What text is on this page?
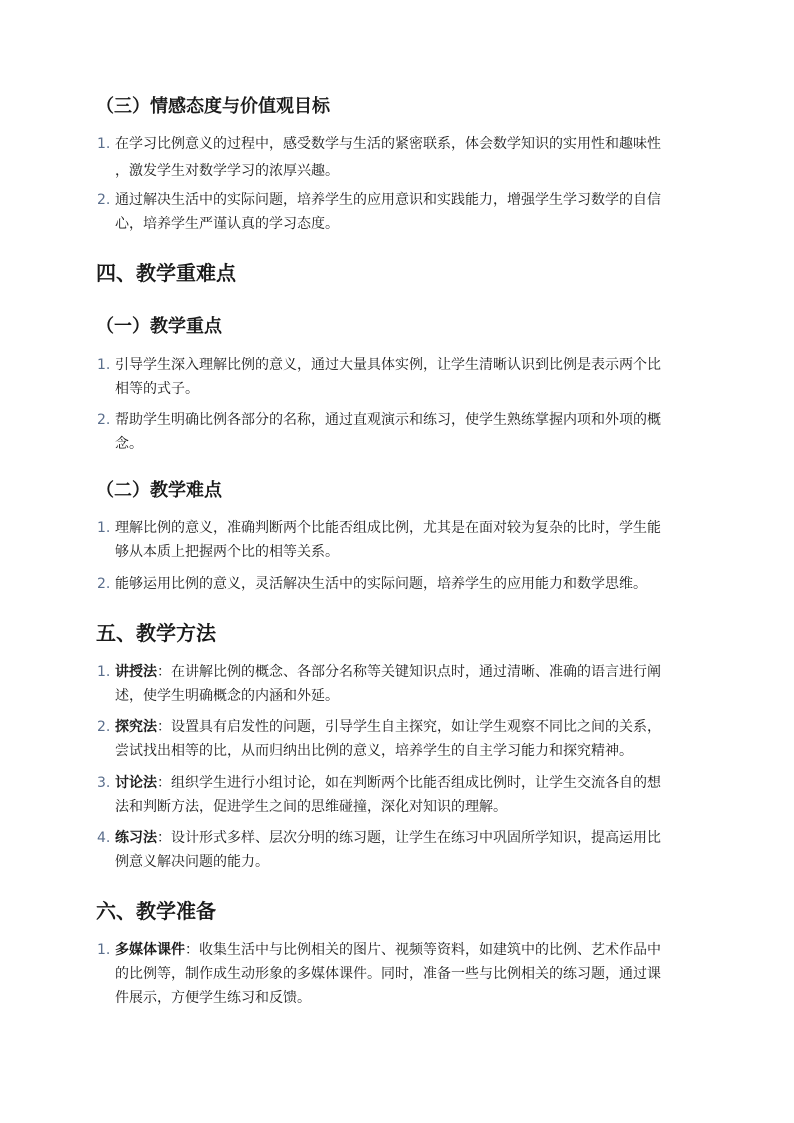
（三）情感态度与价值观目标
1. 在学习比例意义的过程中，感受数学与生活的紧密联系，体会数学知识的实用性和趣味性
，激发学生对数学学习的浓厚兴趣。
2. 通过解决生活中的实际问题，培养学生的应用意识和实践能力，增强学生学习数学的自信
心，培养学生严谨认真的学习态度。
四、教学重难点
（一）教学重点
1. 引导学生深入理解比例的意义，通过大量具体实例，让学生清晰认识到比例是表示两个比
相等的式子。
2. 帮助学生明确比例各部分的名称，通过直观演示和练习，使学生熟练掌握内项和外项的概
念。
（二）教学难点
1. 理解比例的意义，准确判断两个比能否组成比例，尤其是在面对较为复杂的比时，学生能
够从本质上把握两个比的相等关系。
2. 能够运用比例的意义，灵活解决生活中的实际问题，培养学生的应用能力和数学思维。
五、教学方法
1. 讲授法：在讲解比例的概念、各部分名称等关键知识点时，通过清晰、准确的语言进行阐
述，使学生明确概念的内涵和外延。
2. 探究法：设置具有启发性的问题，引导学生自主探究，如让学生观察不同比之间的关系，
尝试找出相等的比，从而归纳出比例的意义，培养学生的自主学习能力和探究精神。
3. 讨论法：组织学生进行小组讨论，如在判断两个比能否组成比例时，让学生交流各自的想
法和判断方法，促进学生之间的思维碰撞，深化对知识的理解。
4. 练习法：设计形式多样、层次分明的练习题，让学生在练习中巩固所学知识，提高运用比
例意义解决问题的能力。
六、教学准备
1. 多媒体课件：收集生活中与比例相关的图片、视频等资料，如建筑中的比例、艺术作品中
的比例等，制作成生动形象的多媒体课件。同时，准备一些与比例相关的练习题，通过课
件展示，方便学生练习和反馈。
